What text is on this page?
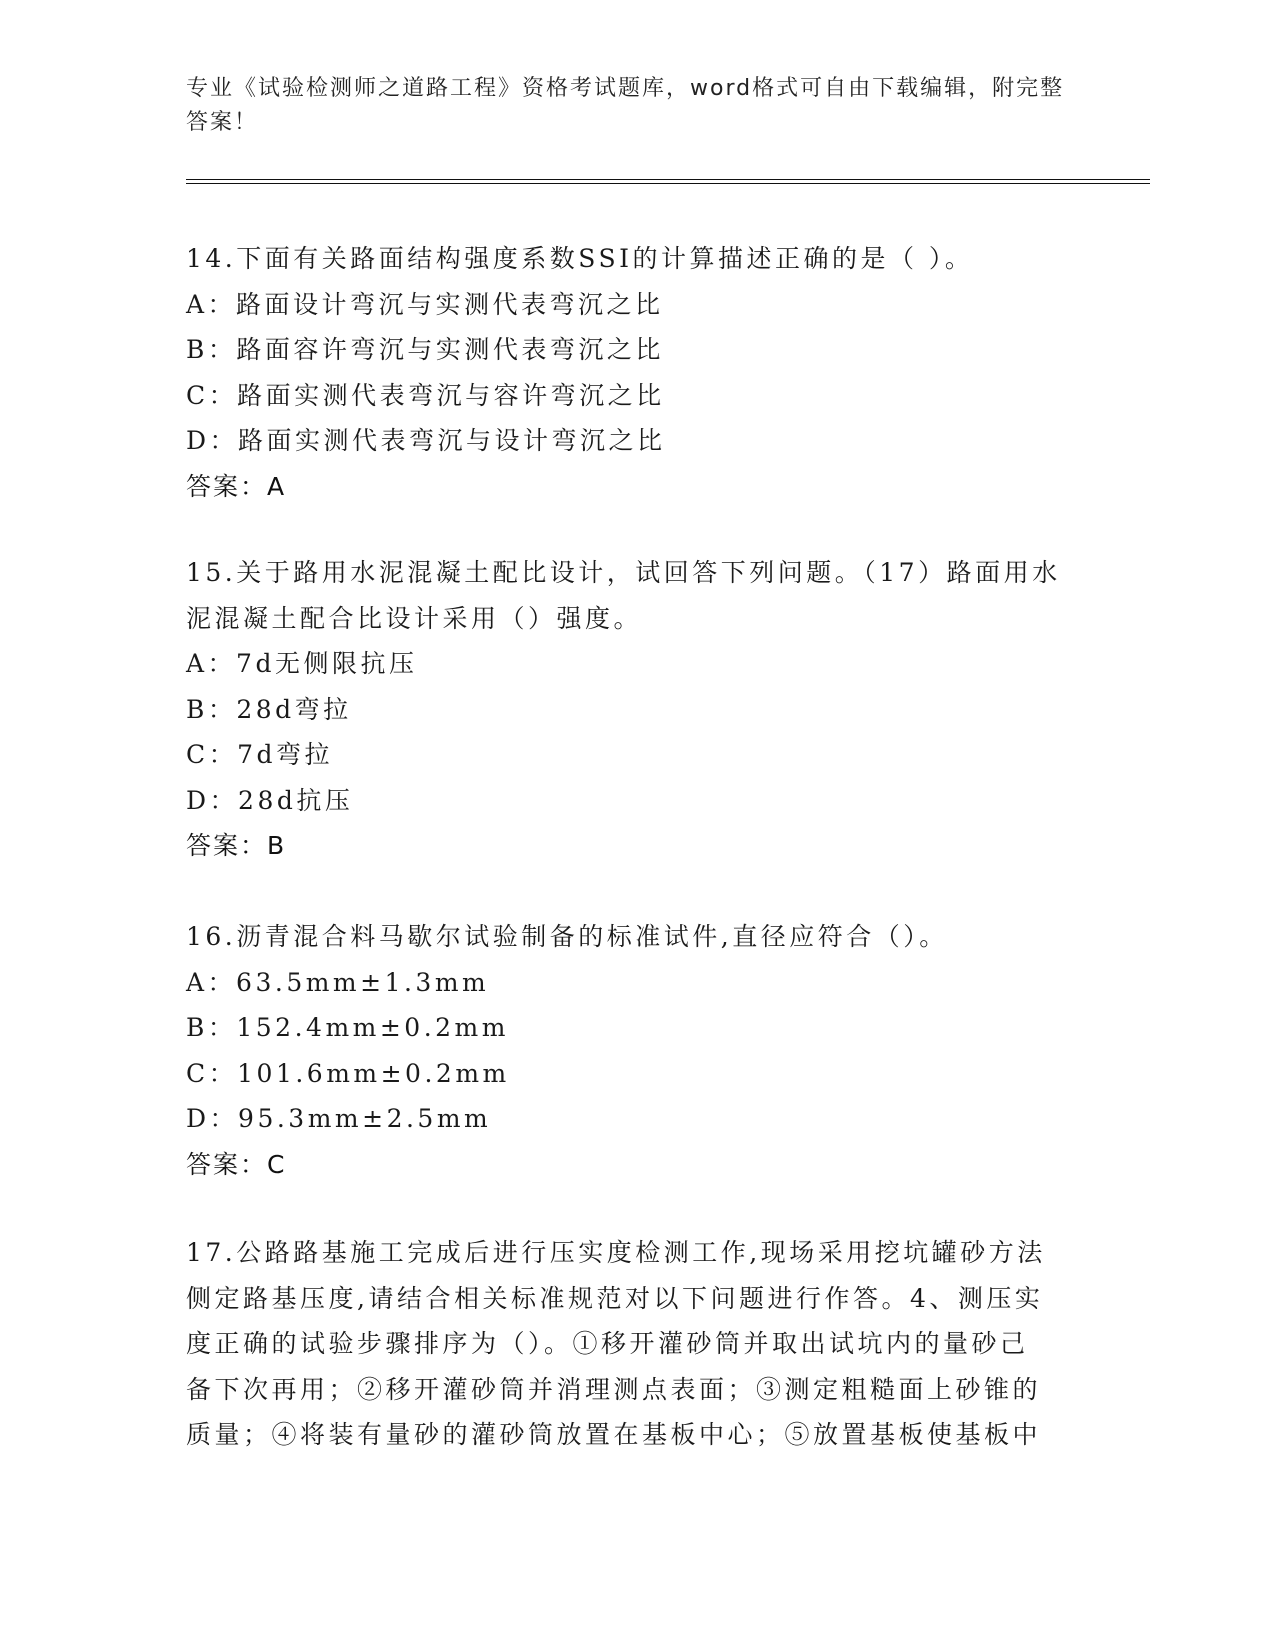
专业《试验检测师之道路工程》资格考试题库，word格式可自由下载编辑，附完整答案！
14.下面有关路面结构强度系数SSI的计算描述正确的是（ ）。
A：路面设计弯沉与实测代表弯沉之比
B：路面容许弯沉与实测代表弯沉之比
C：路面实测代表弯沉与容许弯沉之比
D：路面实测代表弯沉与设计弯沉之比
答案：A
15.关于路用水泥混凝土配比设计，试回答下列问题。（17）路面用水泥混凝土配合比设计采用（）强度。
A：7d无侧限抗压
B：28d弯拉
C：7d弯拉
D：28d抗压
答案：B
16.沥青混合料马歇尔试验制备的标准试件,直径应符合（）。
A：63.5mm±1.3mm
B：152.4mm±0.2mm
C：101.6mm±0.2mm
D：95.3mm±2.5mm
答案：C
17.公路路基施工完成后进行压实度检测工作,现场采用挖坑罐砂方法侧定路基压度,请结合相关标准规范对以下问题进行作答。4、测压实度正确的试验步骤排序为（）。①移开灌砂筒并取出试坑内的量砂己备下次再用；②移开灌砂筒并消理测点表面；③测定粗糙面上砂锥的质量；④将装有量砂的灌砂筒放置在基板中心；⑤放置基板使基板中
